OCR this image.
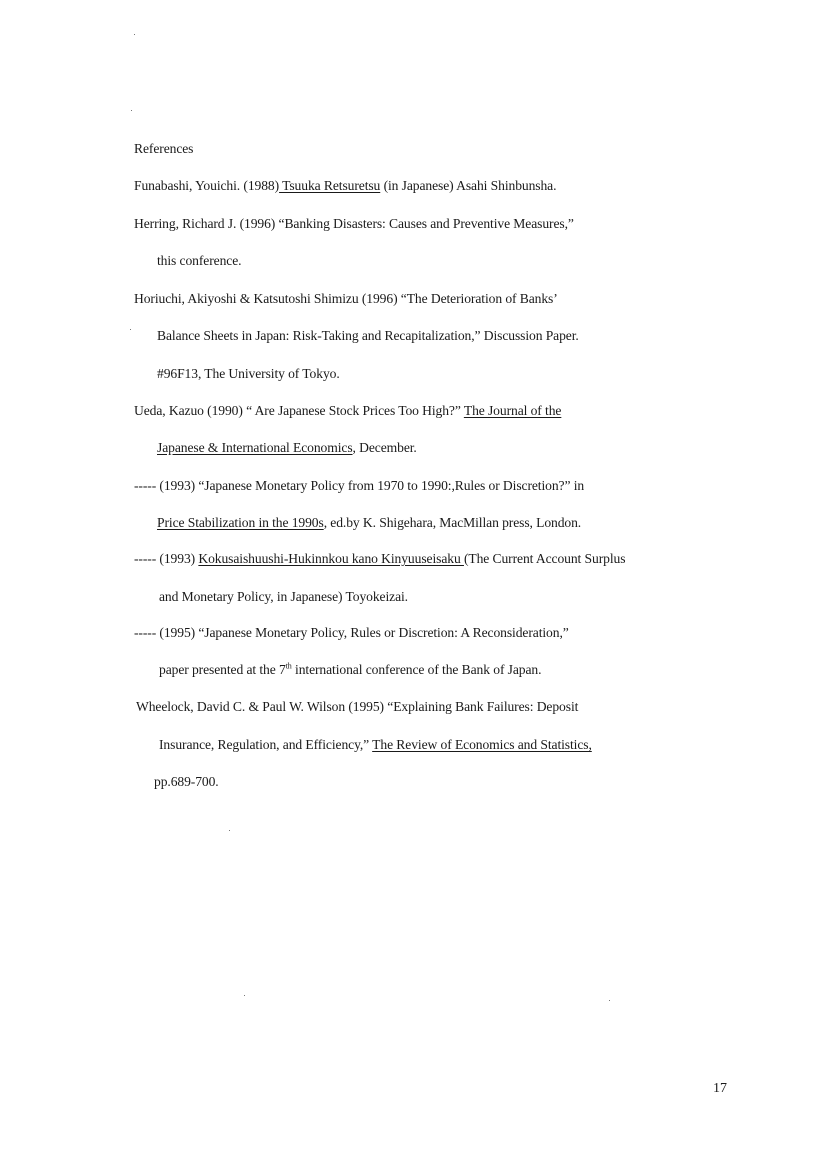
References
Funabashi, Youichi. (1988) Tsuuka Retsuretsu (in Japanese) Asahi Shinbunsha.
Herring, Richard J. (1996) “Banking Disasters: Causes and Preventive Measures,”
this conference.
Horiuchi, Akiyoshi & Katsutoshi Shimizu (1996) “The Deterioration of Banks’
Balance Sheets in Japan: Risk-Taking and Recapitalization,” Discussion Paper.
#96F13, The University of Tokyo.
Ueda, Kazuo (1990) “ Are Japanese Stock Prices Too High?” The Journal of the
Japanese & International Economics, December.
----- (1993) “Japanese Monetary Policy from 1970 to 1990:,Rules or Discretion?” in
Price Stabilization in the 1990s, ed.by K. Shigehara, MacMillan press, London.
----- (1993) Kokusaishuushi-Hukinnkou kano Kinyuuseisaku (The Current Account Surplus
and Monetary Policy, in Japanese) Toyokeizai.
----- (1995) “Japanese Monetary Policy, Rules or Discretion: A Reconsideration,”
paper presented at the 7th international conference of the Bank of Japan.
Wheelock, David C. & Paul W. Wilson (1995) “Explaining Bank Failures: Deposit
Insurance, Regulation, and Efficiency,” The Review of Economics and Statistics,
pp.689-700.
17
